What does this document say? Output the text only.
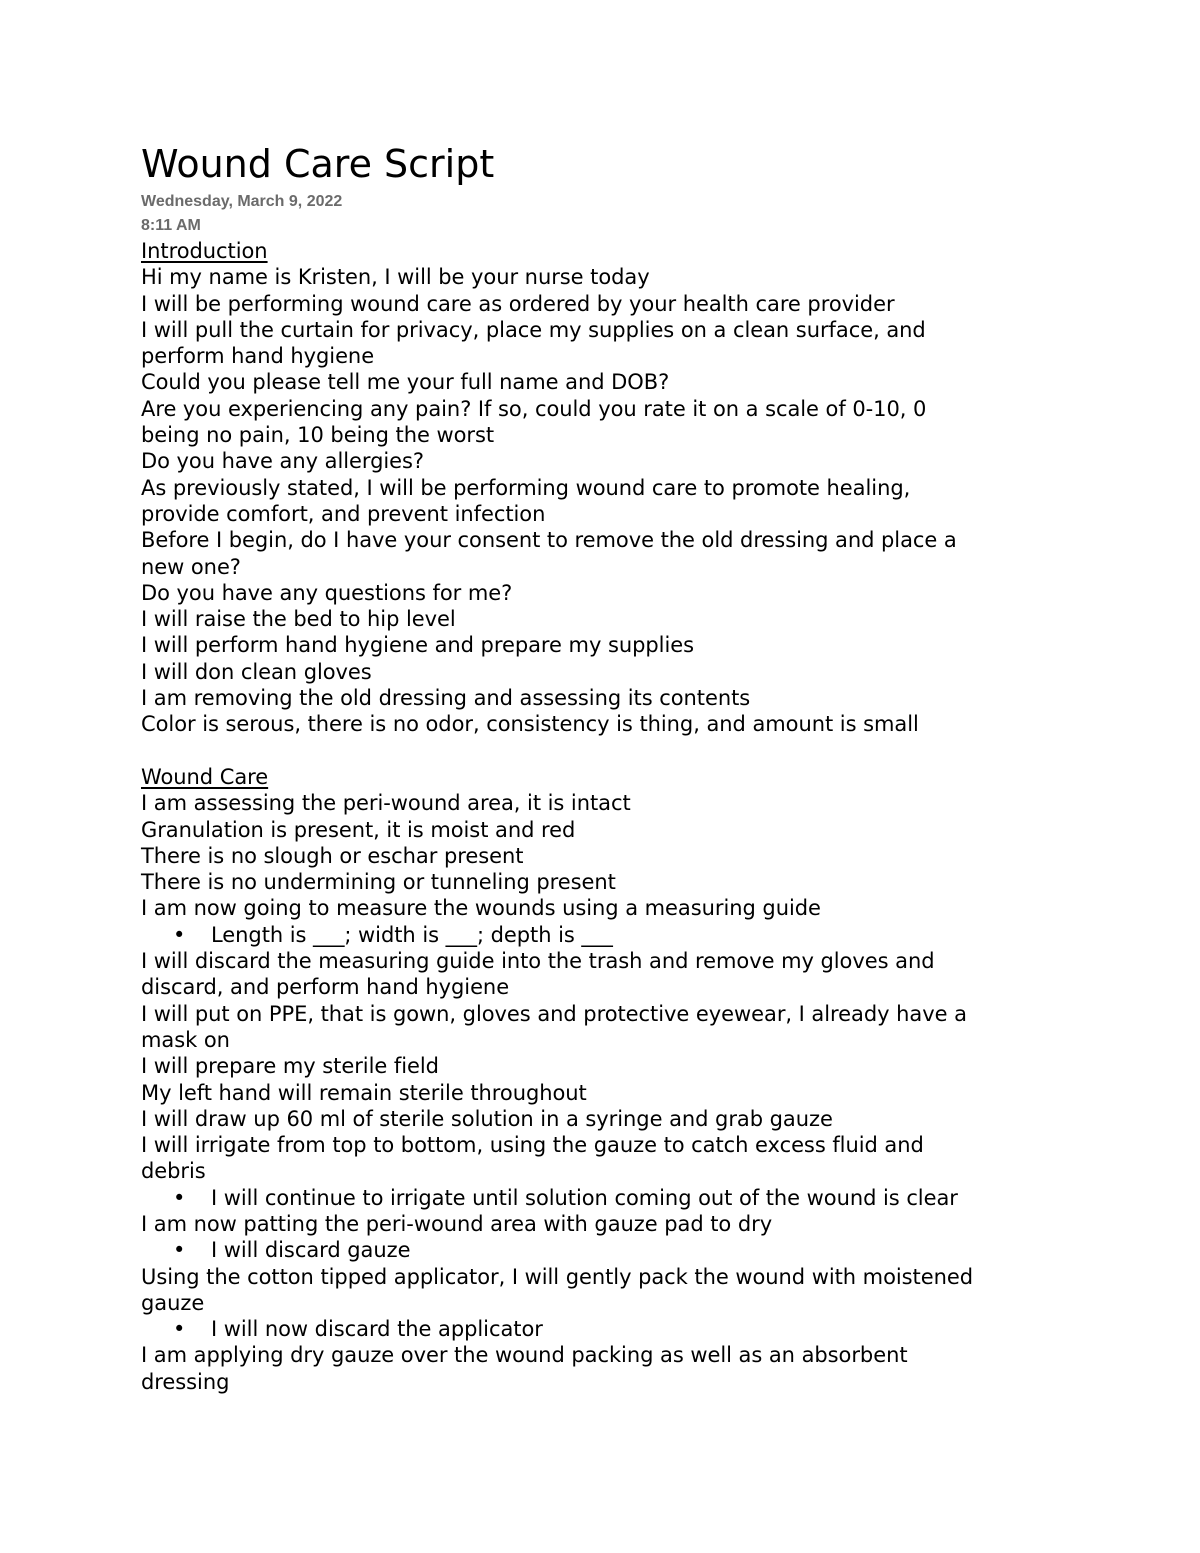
Wound Care Script
Wednesday, March 9, 2022
8:11 AM
Introduction
Hi my name is Kristen, I will be your nurse today
I will be performing wound care as ordered by your health care provider
I will pull the curtain for privacy, place my supplies on a clean surface, and
perform hand hygiene
Could you please tell me your full name and DOB?
Are you experiencing any pain? If so, could you rate it on a scale of 0-10, 0
being no pain, 10 being the worst
Do you have any allergies?
As previously stated, I will be performing wound care to promote healing,
provide comfort, and prevent infection
Before I begin, do I have your consent to remove the old dressing and place a
new one?
Do you have any questions for me?
I will raise the bed to hip level
I will perform hand hygiene and prepare my supplies
I will don clean gloves
I am removing the old dressing and assessing its contents
Color is serous, there is no odor, consistency is thing, and amount is small
Wound Care
I am assessing the peri-wound area, it is intact
Granulation is present, it is moist and red
There is no slough or eschar present
There is no undermining or tunneling present
I am now going to measure the wounds using a measuring guide
• Length is ___; width is ___; depth is ___
I will discard the measuring guide into the trash and remove my gloves and
discard, and perform hand hygiene
I will put on PPE, that is gown, gloves and protective eyewear, I already have a
mask on
I will prepare my sterile field
My left hand will remain sterile throughout
I will draw up 60 ml of sterile solution in a syringe and grab gauze
I will irrigate from top to bottom, using the gauze to catch excess fluid and
debris
• I will continue to irrigate until solution coming out of the wound is clear
I am now patting the peri-wound area with gauze pad to dry
• I will discard gauze
Using the cotton tipped applicator, I will gently pack the wound with moistened
gauze
• I will now discard the applicator
I am applying dry gauze over the wound packing as well as an absorbent
dressing
